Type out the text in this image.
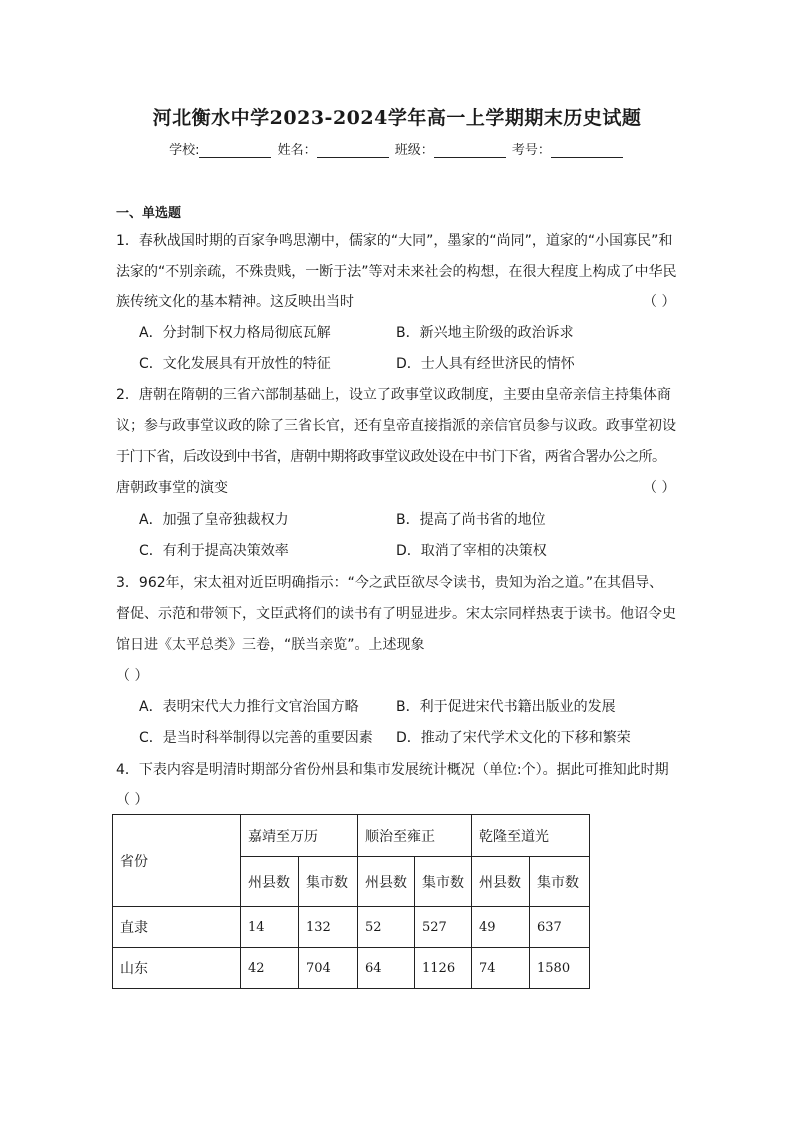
河北衡水中学2023-2024学年高一上学期期末历史试题
学校:	姓名：	班级：	考号：
一、单选题
1．春秋战国时期的百家争鸣思潮中，儒家的“大同”，墨家的“尚同”，道家的“小国寡民”和
法家的“不别亲疏，不殊贵贱，一断于法”等对未来社会的构想，在很大程度上构成了中华民
族传统文化的基本精神。这反映出当时	（ ）
A．分封制下权力格局彻底瓦解	B．新兴地主阶级的政治诉求
C．文化发展具有开放性的特征	D．士人具有经世济民的情怀
2．唐朝在隋朝的三省六部制基础上，设立了政事堂议政制度，主要由皇帝亲信主持集体商
议；参与政事堂议政的除了三省长官，还有皇帝直接指派的亲信官员参与议政。政事堂初设
于门下省，后改设到中书省，唐朝中期将政事堂议政处设在中书门下省，两省合署办公之所。
唐朝政事堂的演变	（ ）
A．加强了皇帝独裁权力	B．提高了尚书省的地位
C．有利于提高决策效率	D．取消了宰相的决策权
3．962年，宋太祖对近臣明确指示：“今之武臣欲尽令读书，贵知为治之道。”在其倡导、
督促、示范和带领下，文臣武将们的读书有了明显进步。宋太宗同样热衷于读书。他诏令史
馆日进《太平总类》三卷，“朕当亲览”。上述现象
（ ）
A．表明宋代大力推行文官治国方略	B．利于促进宋代书籍出版业的发展
C．是当时科举制得以完善的重要因素 D．推动了宋代学术文化的下移和繁荣
4．下表内容是明清时期部分省份州县和集市发展统计概况（单位:个）。据此可推知此时期
（ ）
省份	嘉靖至万历		顺治至雍正		乾隆至道光	
	州县数	集市数	州县数	集市数	州县数	集市数
直隶	14	132	52	527	49	637
山东	42	704	64	1126	74	1580
